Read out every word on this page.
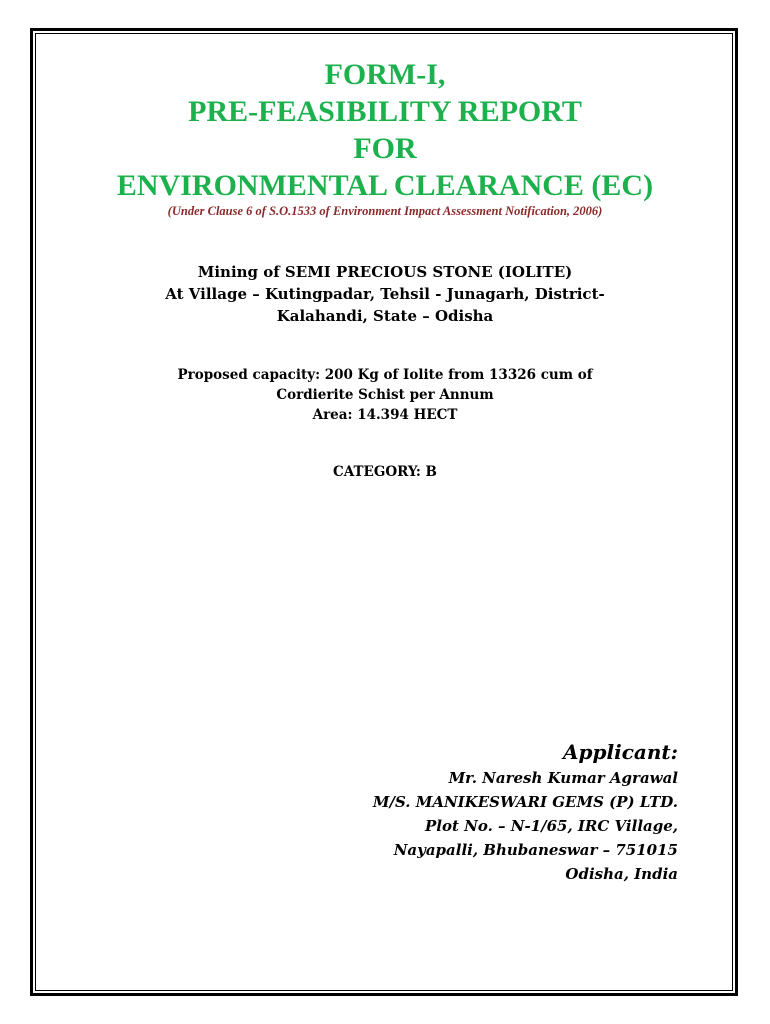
FORM-I,

PRE-FEASIBILITY REPORT

FOR

ENVIRONMENTAL CLEARANCE (EC)

(Under Clause 6 of S.O.1533 of Environment Impact Assessment Notification, 2006)

Mining of SEMI PRECIOUS STONE (IOLITE)

At Village – Kutingpadar, Tehsil - Junagarh, District-

Kalahandi, State – Odisha

Proposed capacity: 200 Kg of Iolite from 13326 cum of

Cordierite Schist per Annum

Area: 14.394 HECT

CATEGORY: B

Applicant:
Mr. Naresh Kumar Agrawal
M/S. MANIKESWARI GEMS (P) LTD.
Plot No. – N-1/65, IRC Village,
Nayapalli, Bhubaneswar – 751015
Odisha, India
